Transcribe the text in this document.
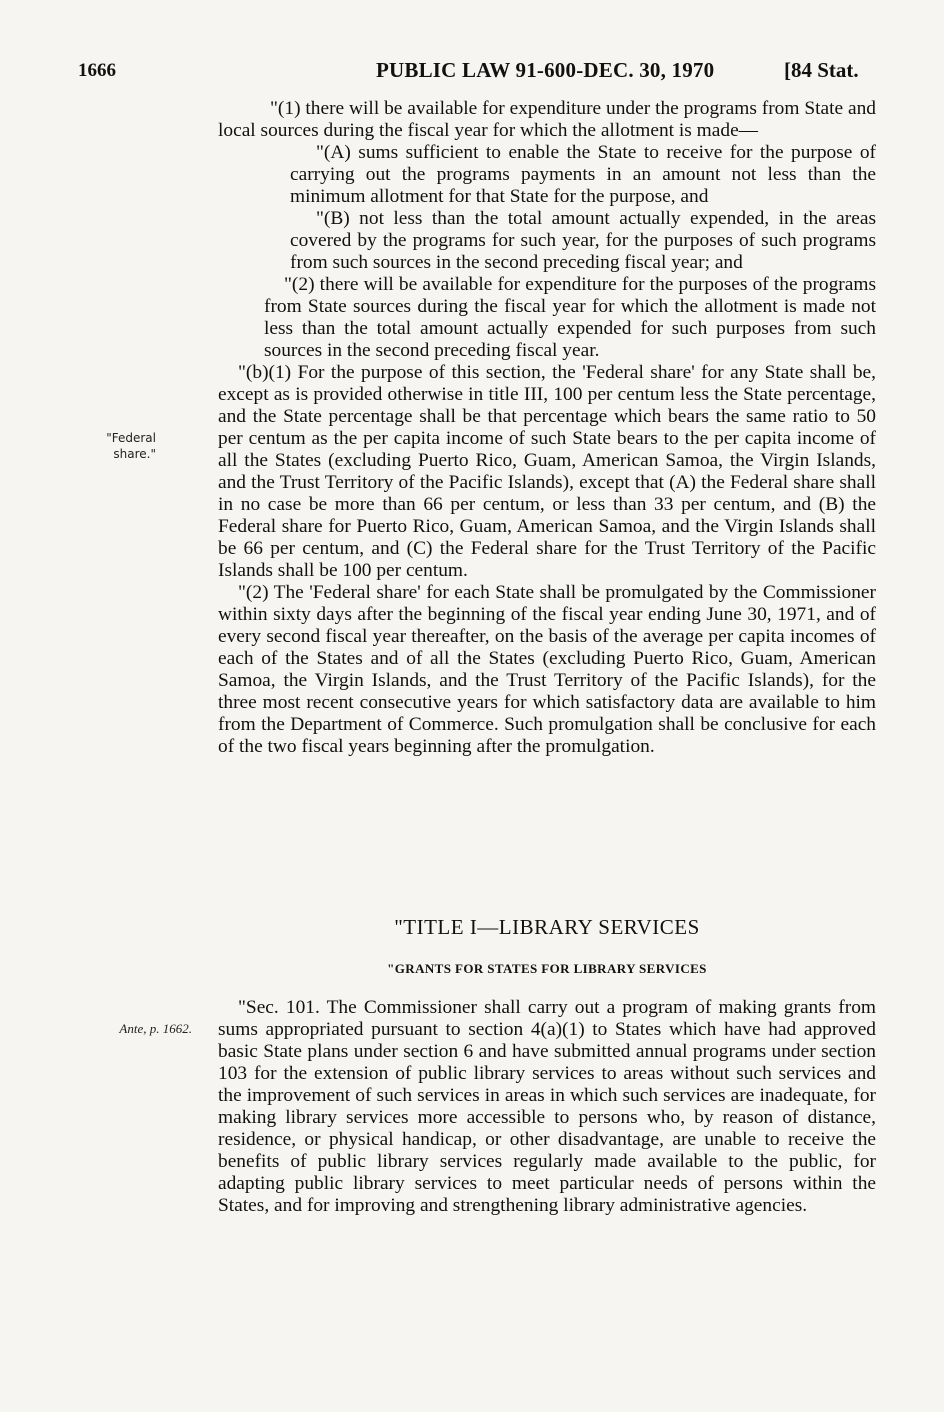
1666	PUBLIC LAW 91-600-DEC. 30, 1970	[84 Stat.
"Federal share."
Ante, p. 1662.

"(1) there will be available for expenditure under the programs from State and local sources during the fiscal year for which the allotment is made—

"(A) sums sufficient to enable the State to receive for the purpose of carrying out the programs payments in an amount not less than the minimum allotment for that State for the purpose, and

"(B) not less than the total amount actually expended, in the areas covered by the programs for such year, for the purposes of such programs from such sources in the second preceding fiscal year; and

"(2) there will be available for expenditure for the purposes of the programs from State sources during the fiscal year for which the allotment is made not less than the total amount actually expended for such purposes from such sources in the second preceding fiscal year.

"(b)(1) For the purpose of this section, the 'Federal share' for any State shall be, except as is provided otherwise in title III, 100 per centum less the State percentage, and the State percentage shall be that percentage which bears the same ratio to 50 per centum as the per capita income of such State bears to the per capita income of all the States (excluding Puerto Rico, Guam, American Samoa, the Virgin Islands, and the Trust Territory of the Pacific Islands), except that (A) the Federal share shall in no case be more than 66 per centum, or less than 33 per centum, and (B) the Federal share for Puerto Rico, Guam, American Samoa, and the Virgin Islands shall be 66 per centum, and (C) the Federal share for the Trust Territory of the Pacific Islands shall be 100 per centum.

"(2) The 'Federal share' for each State shall be promulgated by the Commissioner within sixty days after the beginning of the fiscal year ending June 30, 1971, and of every second fiscal year thereafter, on the basis of the average per capita incomes of each of the States and of all the States (excluding Puerto Rico, Guam, American Samoa, the Virgin Islands, and the Trust Territory of the Pacific Islands), for the three most recent consecutive years for which satisfactory data are available to him from the Department of Commerce. Such promulgation shall be conclusive for each of the two fiscal years beginning after the promulgation.

"TITLE I—LIBRARY SERVICES
"GRANTS FOR STATES FOR LIBRARY SERVICES

"Sec. 101. The Commissioner shall carry out a program of making grants from sums appropriated pursuant to section 4(a)(1) to States which have had approved basic State plans under section 6 and have submitted annual programs under section 103 for the extension of public library services to areas without such services and the improvement of such services in areas in which such services are inadequate, for making library services more accessible to persons who, by reason of distance, residence, or physical handicap, or other disadvantage, are unable to receive the benefits of public library services regularly made available to the public, for adapting public library services to meet particular needs of persons within the States, and for improving and strengthening library administrative agencies.
